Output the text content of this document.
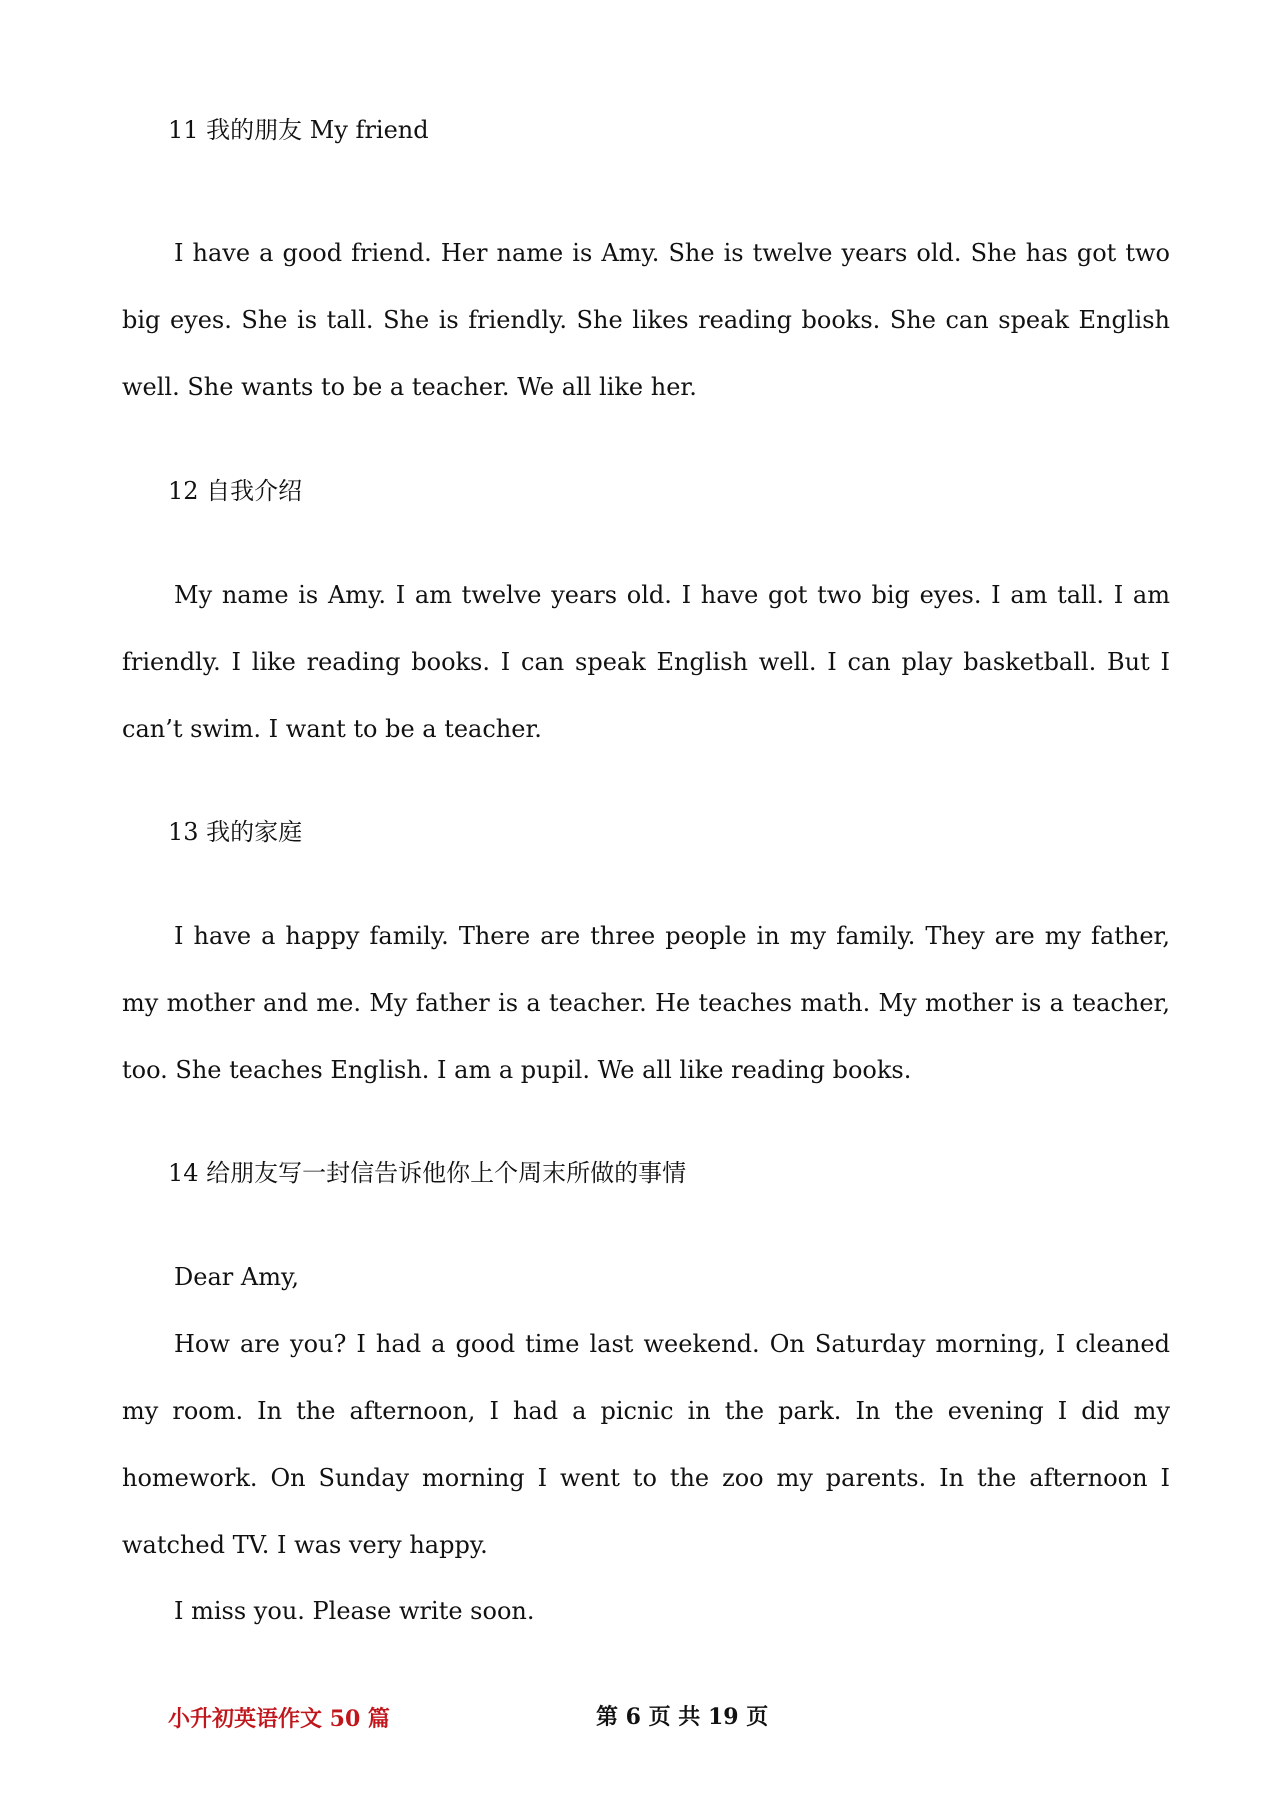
11 我的朋友 My friend
I have a good friend. Her name is Amy. She is twelve years old. She has got two big eyes. She is tall. She is friendly. She likes reading books. She can speak English well. She wants to be a teacher. We all like her.
12 自我介绍
My name is Amy. I am twelve years old. I have got two big eyes. I am tall. I am friendly. I like reading books. I can speak English well. I can play basketball. But I can’t swim. I want to be a teacher.
13 我的家庭
I have a happy family. There are three people in my family. They are my father, my mother and me. My father is a teacher. He teaches math. My mother is a teacher, too. She teaches English. I am a pupil. We all like reading books.
14 给朋友写一封信告诉他你上个周末所做的事情
Dear Amy,
How are you? I had a good time last weekend. On Saturday morning, I cleaned my room. In the afternoon, I had a picnic in the park. In the evening I did my homework. On Sunday morning I went to the zoo my parents. In the afternoon I watched TV. I was very happy.
I miss you. Please write soon.
小升初英语作文 50 篇	第 6 页 共 19 页
